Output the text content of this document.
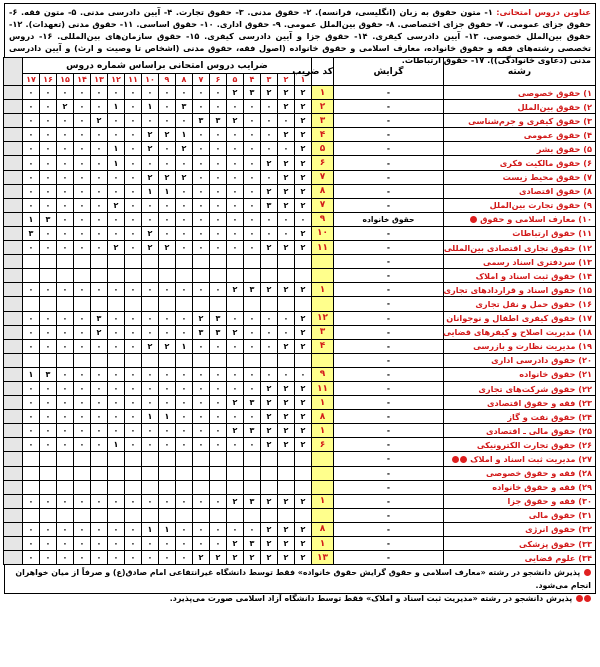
عناوین دروس امتحانی: ۱- متون حقوق به زبان (انگلیسی، فرانسه). ۲- حقوق مدنی. ۳- حقوق تجارت. ۴- آیین دادرسی مدنی. ۵- متون فقه. ۶- حقوق جزای عمومی. ۷- حقوق جزای اختصاصی. ۸- حقوق بین‌الملل عمومی. ۹- حقوق اداری. ۱۰- حقوق اساسی. ۱۱- حقوق مدنی (تعهدات). ۱۲- حقوق بین‌الملل خصوصی. ۱۳- آیین دادرسی کیفری. ۱۴- حقوق جزا و آیین دادرسی کیفری. ۱۵- حقوق سازمان‌های بین‌المللی. ۱۶- دروس تخصصی رشته‌های فقه و حقوق خانواده، معارف اسلامی و حقوق خانواده (اصول فقه، حقوق مدنی (اشخاص تا وصیت و ارث) و آیین دادرسی مدنی (دعاوی خانوادگی)). ۱۷- حقوق ارتباطات.
رشته	گرایش	کد ضریب	ضرایب دروس امتحانی براساس شماره دروس																	
			۱	۲	۳	۴	۵	۶	۷	۸	۹	۱۰	۱۱	۱۲	۱۳	۱۴	۱۵	۱۶	۱۷	
۱) حقوق خصوصی	-	۱	۲	۲	۲	۳	۲	۰	۰	۰	۰	۰	۰	۰	۰	۰	۰	۰	۰	
۲) حقوق بین‌الملل	-	۲	۲	۲	۰	۰	۰	۰	۰	۳	۰	۱	۰	۱	۰	۰	۲	۰	۰	
۳) حقوق کیفری و جرم‌شناسی	-	۳	۲	۰	۰	۰	۲	۳	۳	۰	۰	۰	۰	۰	۲	۰	۰	۰	۰	
۴) حقوق عمومی	-	۴	۲	۲	۰	۰	۰	۰	۰	۱	۲	۲	۰	۰	۰	۰	۰	۰	۰	
۵) حقوق بشر	-	۵	۲	۰	۰	۰	۰	۰	۰	۲	۰	۲	۰	۱	۰	۰	۰	۰	۰	
۶) حقوق مالکیت فکری	-	۶	۲	۲	۲	۰	۰	۰	۰	۰	۰	۰	۰	۱	۰	۰	۰	۰	۰	
۷) حقوق محیط زیست	-	۷	۲	۲	۰	۰	۰	۰	۰	۲	۲	۲	۰	۰	۰	۰	۰	۰	۰	
۸) حقوق اقتصادی	-	۸	۲	۲	۲	۰	۰	۰	۰	۰	۱	۱	۰	۰	۰	۰	۰	۰	۰	
۹) حقوق تجارت بین‌الملل	-	۷	۲	۲	۳	۰	۰	۰	۰	۰	۰	۰	۰	۲	۰	۰	۰	۰	۰	
۱۰) معارف اسلامی و حقوق	حقوق خانواده	۹	۰	۰	۰	۰	۰	۰	۰	۰	۰	۰	۰	۰	۰	۰	۰	۳	۱	
۱۱) حقوق ارتباطات	-	۱۰	۲	۰	۰	۰	۰	۰	۰	۰	۰	۲	۰	۰	۰	۰	۰	۰	۳	
۱۲) حقوق تجاری اقتصادی بین‌المللی	-	۱۱	۲	۲	۲	۰	۰	۰	۰	۰	۲	۲	۰	۲	۰	۰	۰	۰	۰	
۱۳) سردفتری اسناد رسمی	-																			
۱۴) حقوق ثبت اسناد و املاک	-																			
۱۵) حقوق اسناد و قراردادهای تجاری	-	۱	۲	۲	۲	۳	۲	۰	۰	۰	۰	۰	۰	۰	۰	۰	۰	۰	۰	
۱۶) حقوق حمل و نقل تجاری	-																			
۱۷) حقوق کیفری اطفال و نوجوانان	-	۱۲	۲	۰	۰	۰	۰	۳	۲	۰	۰	۰	۰	۰	۳	۰	۰	۰	۰	
۱۸) مدیریت اصلاح و کیفرهای قضایی	-	۳	۲	۰	۰	۰	۲	۳	۳	۰	۰	۰	۰	۰	۲	۰	۰	۰	۰	
۱۹) مدیریت نظارت و بازرسی	-	۴	۲	۲	۰	۰	۰	۰	۰	۱	۲	۲	۰	۰	۰	۰	۰	۰	۰	
۲۰) حقوق دادرسی اداری	-																			
۲۱) حقوق خانواده	-	۹	۰	۰	۰	۰	۰	۰	۰	۰	۰	۰	۰	۰	۰	۰	۰	۳	۱	
۲۲) حقوق شرکت‌های تجاری	-	۱۱	۲	۲	۲	۰	۰	۰	۰	۰	۰	۰	۰	۰	۰	۰	۰	۰	۰	
۲۳) فقه و حقوق اقتصادی	-	۱	۲	۲	۲	۳	۲	۰	۰	۰	۰	۰	۰	۰	۰	۰	۰	۰	۰	
۲۴) حقوق نفت و گاز	-	۸	۲	۲	۲	۰	۰	۰	۰	۰	۱	۱	۰	۰	۰	۰	۰	۰	۰	
۲۵) حقوق مالی ـ اقتصادی	-	۱	۲	۲	۲	۳	۲	۰	۰	۰	۰	۰	۰	۰	۰	۰	۰	۰	۰	
۲۶) حقوق تجارت الکترونیکی	-	۶	۲	۲	۲	۰	۰	۰	۰	۰	۰	۰	۰	۱	۰	۰	۰	۰	۰	
۲۷) مدیریت ثبت اسناد و املاک	-																			
۲۸) فقه و حقوق خصوصی	-																			
۲۹) فقه و حقوق خانواده	-																			
۳۰) فقه و حقوق جزا	-	۱	۲	۲	۲	۳	۲	۰	۰	۰	۰	۰	۰	۰	۰	۰	۰	۰	۰	
۳۱) حقوق مالی	-																			
۳۲) حقوق انرژی	-	۸	۲	۲	۲	۰	۰	۰	۰	۰	۱	۱	۰	۰	۰	۰	۰	۰	۰	
۳۳) حقوق پزشکی	-	۱	۲	۲	۲	۳	۲	۰	۰	۰	۰	۰	۰	۰	۰	۰	۰	۰	۰	
۳۴) علوم قضایی	-	۱۳	۲	۲	۲	۲	۲	۲	۲	۰	۰	۰	۰	۰	۰	۰	۰	۰	۰	
پذیرش دانشجو در رشته «معارف اسلامی و حقوق گرایش حقوق خانواده» فقط توسط دانشگاه غیرانتفاعی امام صادق(ع) و صرفاً از میان خواهران انجام می‌شود.
پذیرش دانشجو در رشته «مدیریت ثبت اسناد و املاک» فقط توسط دانشگاه آزاد اسلامی صورت می‌پذیرد.
